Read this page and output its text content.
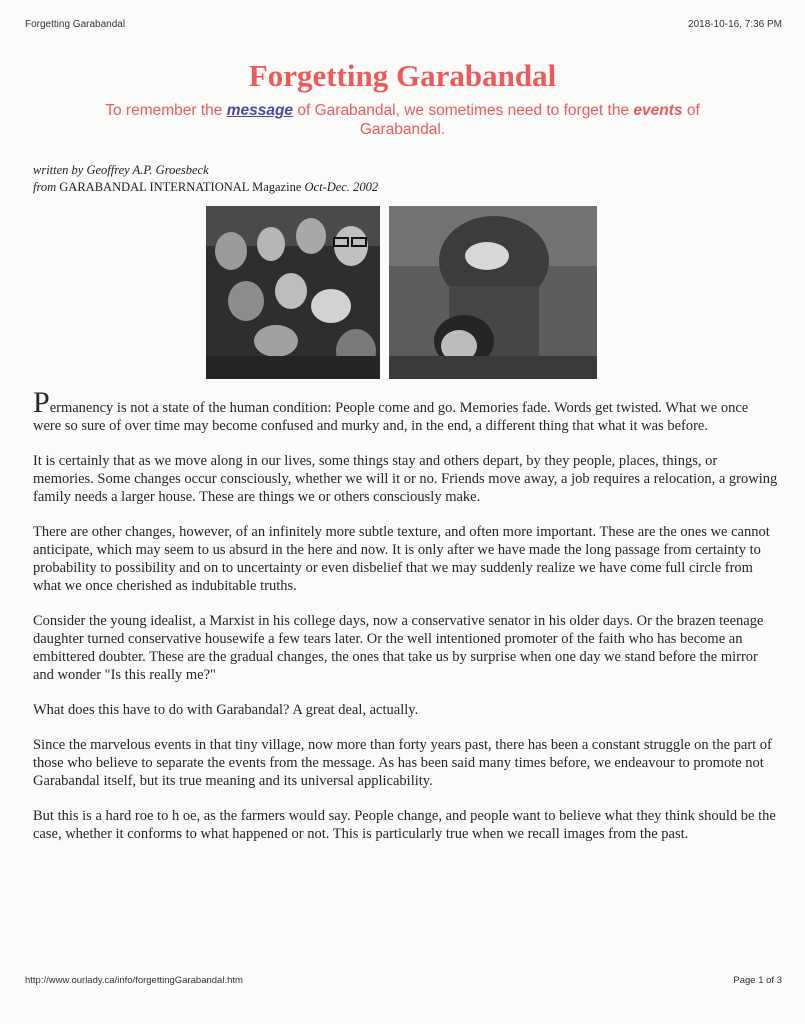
Forgetting Garabandal	2018-10-16, 7:36 PM
Forgetting Garabandal
To remember the message of Garabandal, we sometimes need to forget the events of Garabandal.
written by Geoffrey A.P. Groesbeck
from GARABANDAL INTERNATIONAL Magazine Oct-Dec. 2002

Permanency is not a state of the human condition: People come and go. Memories fade. Words get twisted. What we once were so sure of over time may become confused and murky and, in the end, a different thing that what it was before.

It is certainly that as we move along in our lives, some things stay and others depart, by they people, places, things, or memories. Some changes occur consciously, whether we will it or no. Friends move away, a job requires a relocation, a growing family needs a larger house. These are things we or others consciously make.

There are other changes, however, of an infinitely more subtle texture, and often more important. These are the ones we cannot anticipate, which may seem to us absurd in the here and now. It is only after we have made the long passage from certainty to probability to possibility and on to uncertainty or even disbelief that we may suddenly realize we have come full circle from what we once cherished as indubitable truths.

Consider the young idealist, a Marxist in his college days, now a conservative senator in his older days. Or the brazen teenage daughter turned conservative housewife a few tears later. Or the well intentioned promoter of the faith who has become an embittered doubter. These are the gradual changes, the ones that take us by surprise when one day we stand before the mirror and wonder "Is this really me?"

What does this have to do with Garabandal? A great deal, actually.

Since the marvelous events in that tiny village, now more than forty years past, there has been a constant struggle on the part of those who believe to separate the events from the message. As has been said many times before, we endeavour to promote not Garabandal itself, but its true meaning and its universal applicability.

But this is a hard roe to h oe, as the farmers would say. People change, and people want to believe what they think should be the case, whether it conforms to what happened or not. This is particularly true when we recall images from the past.

http://www.ourlady.ca/info/forgettingGarabandal.htm	Page 1 of 3
